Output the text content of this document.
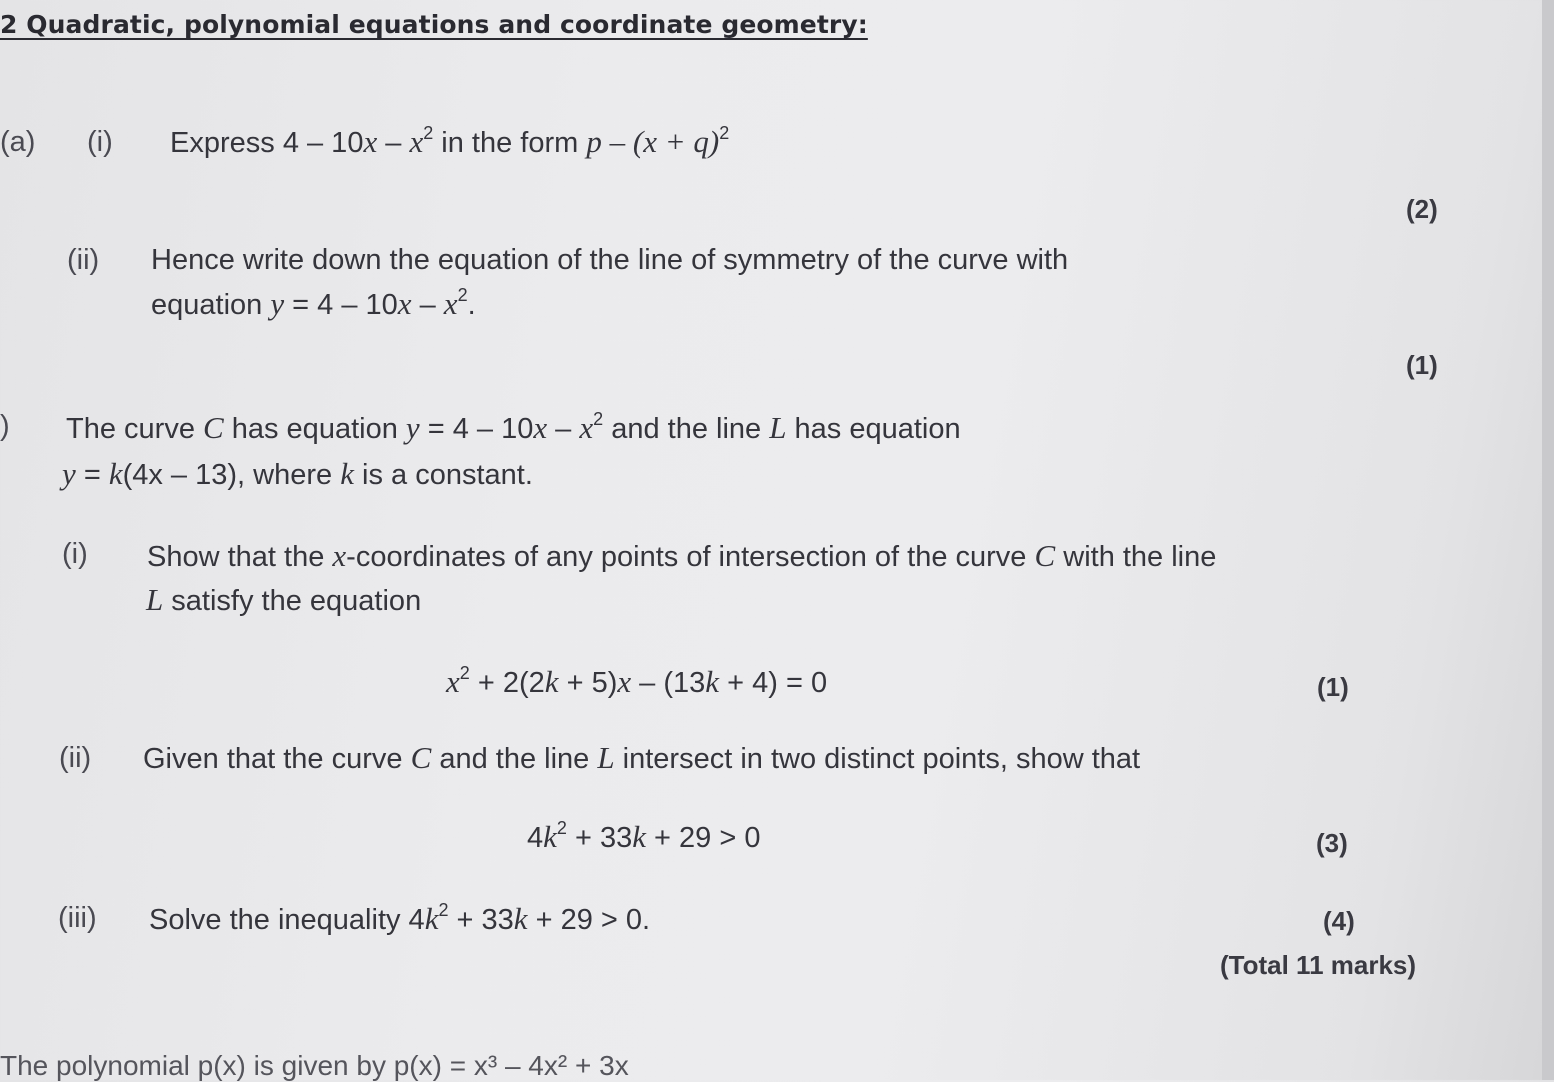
2 Quadratic, polynomial equations and coordinate geometry:
(a) (i) Express $4 - 10x - x^2$ in the form $p - (x + q)^2$
(2)
(ii) Hence write down the equation of the line of symmetry of the curve with
equation $y = 4 - 10x - x^2$.
(1)
) The curve C has equation $y = 4 - 10x - x^2$ and the line L has equation
y = k(4x – 13), where k is a constant.
(i) Show that the x-coordinates of any points of intersection of the curve C with the line
L satisfy the equation
$x^2 + 2(2k + 5)x - (13k + 4) = 0$	(1)
(ii) Given that the curve C and the line L intersect in two distinct points, show that
$4k^2 + 33k + 29 > 0$	(3)
(iii) Solve the inequality $4k^2 + 33k + 29 > 0$.	(4)
(Total 11 marks)
The polynomial p(x) is given by p(x) = x³ – 4x² + 3x
